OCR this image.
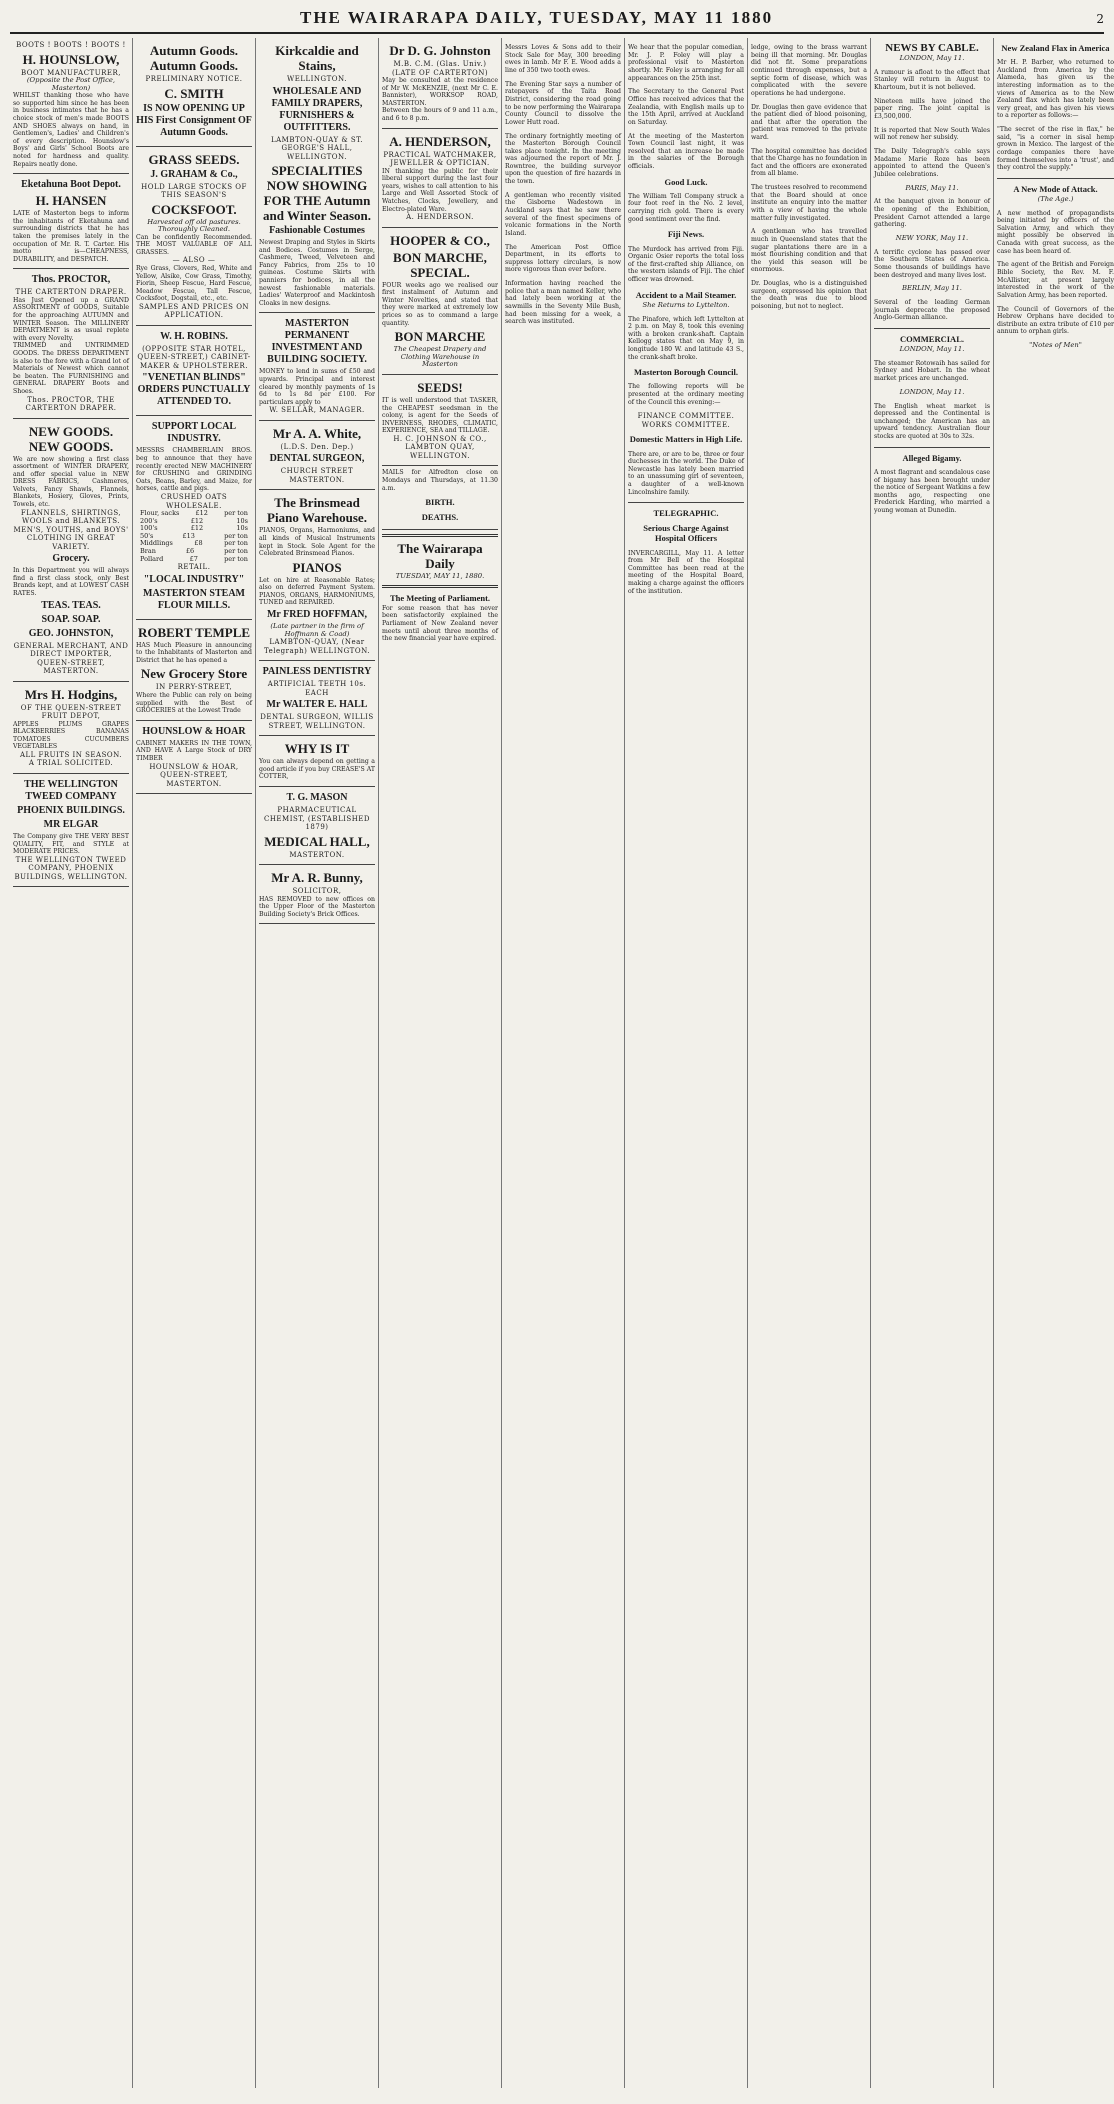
THE WAIRARAPA DAILY, TUESDAY, MAY 11 1880	2
BOOTS ! BOOTS ! BOOTS !
H. HOUNSLOW,
BOOT MANUFACTURER,
(Opposite the Post Office, Masterton)
WHILST thanking those who have so supported him since he has been in business intimates that he has a choice stock of men's made BOOTS AND SHOES always on hand, in Gentlemen's, Ladies' and Children's of every description. Hounslow's Boys' and Girls' School Boots are noted for hardness and quality. Repairs neatly done.
Eketahuna Boot Depot.
H. HANSEN
LATE of Masterton begs to inform the inhabitants of Eketahuna and surrounding districts that he has taken the premises lately in the occupation of Mr. R. T. Carter. His motto is—CHEAPNESS, DURABILITY, and DESPATCH.
Thos. PROCTOR,
THE CARTERTON DRAPER.
Has Just Opened up a GRAND ASSORTMENT of GOODS, Suitable for the approaching AUTUMN and WINTER Season. The MILLINERY DEPARTMENT is as usual replete with every Novelty.
TRIMMED and UNTRIMMED GOODS. The DRESS DEPARTMENT is also to the fore with a Grand lot of Materials of Newest which cannot be beaten. The FURNISHING and GENERAL DRAPERY Boots and Shoes.
Thos. PROCTOR, THE CARTERTON DRAPER.
NEW GOODS. NEW GOODS.
We are now showing a first class assortment of WINTER DRAPERY, and offer special value in NEW DRESS FABRICS, Cashmeres, Velvets, Fancy Shawls, Flannels, Blankets, Hosiery, Gloves, Prints, Towels, etc.
FLANNELS, SHIRTINGS, WOOLS and BLANKETS.
MEN'S, YOUTHS, and BOYS' CLOTHING IN GREAT VARIETY.
Grocery.
In this Department you will always find a first class stock, only Best Brands kept, and at LOWEST CASH RATES.
TEAS. TEAS.
SOAP. SOAP.
GEO. JOHNSTON,
GENERAL MERCHANT, AND DIRECT IMPORTER, QUEEN-STREET, MASTERTON.
Mrs H. Hodgins,
OF THE QUEEN-STREET FRUIT DEPOT,
APPLES PLUMS GRAPES BLACKBERRIES BANANAS TOMATOES CUCUMBERS VEGETABLES
ALL FRUITS IN SEASON.
A TRIAL SOLICITED.
THE WELLINGTON TWEED COMPANY
PHOENIX BUILDINGS.
MR ELGAR
The Company give THE VERY BEST QUALITY, FIT, and STYLE at MODERATE PRICES.
THE WELLINGTON TWEED COMPANY, PHOENIX BUILDINGS, WELLINGTON.
Autumn Goods. Autumn Goods.
PRELIMINARY NOTICE.
C. SMITH
IS NOW OPENING UP HIS First Consignment OF Autumn Goods.
GRASS SEEDS.
J. GRAHAM & Co.,
HOLD LARGE STOCKS OF THIS SEASON'S
COCKSFOOT.
Harvested off old pastures. Thoroughly Cleaned.
Can be confidently Recommended. THE MOST VALUABLE OF ALL GRASSES.
— ALSO —
Rye Grass, Clovers, Red, White and Yellow, Alsike, Cow Grass, Timothy, Fiorin, Sheep Fescue, Hard Fescue, Meadow Fescue, Tall Fescue, Cocksfoot, Dogstail, etc., etc.
SAMPLES AND PRICES ON APPLICATION.
W. H. ROBINS.
(OPPOSITE STAR HOTEL, QUEEN-STREET,) CABINET-MAKER & UPHOLSTERER.
"VENETIAN BLINDS" ORDERS PUNCTUALLY ATTENDED TO.
SUPPORT LOCAL INDUSTRY.
MESSRS CHAMBERLAIN BROS. beg to announce that they have recently erected NEW MACHINERY for CRUSHING and GRINDING Oats, Beans, Barley, and Maize, for horses, cattle and pigs.
CRUSHED OATS
WHOLESALE.
Flour, sacks £12 per ton
200's	£12	10s
100's	£12	10s
50's	£13	per ton
Middlings	£8	per ton
Bran	£6	per ton
Pollard	£7	per ton
RETAIL.
"LOCAL INDUSTRY"
MASTERTON STEAM FLOUR MILLS.
ROBERT TEMPLE
HAS Much Pleasure in announcing to the Inhabitants of Masterton and District that he has opened a
New Grocery Store
IN PERRY-STREET,
Where the Public can rely on being supplied with the Best of GROCERIES at the Lowest Trade
HOUNSLOW & HOAR
CABINET MAKERS IN THE TOWN, AND HAVE A Large Stock of DRY TIMBER
HOUNSLOW & HOAR, QUEEN-STREET, MASTERTON.
Kirkcaldie and Stains,
WELLINGTON.
WHOLESALE AND FAMILY DRAPERS, FURNISHERS & OUTFITTERS.
LAMBTON-QUAY & ST. GEORGE'S HALL, WELLINGTON.
SPECIALITIES NOW SHOWING FOR THE Autumn and Winter Season.
Fashionable Costumes
Newest Draping and Styles in Skirts and Bodices. Costumes in Serge, Cashmere, Tweed, Velveteen and Fancy Fabrics, from 25s to 10 guineas. Costume Skirts with panniers for bodices, in all the newest fashionable materials. Ladies' Waterproof and Mackintosh Cloaks in new designs.
MASTERTON PERMANENT INVESTMENT AND BUILDING SOCIETY.
MONEY to lend in sums of £50 and upwards. Principal and interest cleared by monthly payments of 1s 6d to 1s 8d per £100. For particulars apply to
W. SELLAR, MANAGER.
Mr A. A. White,
(L.D.S. Den. Dep.)
DENTAL SURGEON,
CHURCH STREET MASTERTON.
The Brinsmead Piano Warehouse.
PIANOS, Organs, Harmoniums, and all kinds of Musical Instruments kept in Stock. Sole Agent for the Celebrated Brinsmead Pianos.
PIANOS
Let on hire at Reasonable Rates; also on deferred Payment System. PIANOS, ORGANS, HARMONIUMS, TUNED and REPAIRED.
Mr FRED HOFFMAN,
(Late partner in the firm of Hoffmann & Coad)
LAMBTON-QUAY, (Near Telegraph) WELLINGTON.
PAINLESS DENTISTRY
ARTIFICIAL TEETH 10s. EACH
Mr WALTER E. HALL
DENTAL SURGEON, WILLIS STREET, WELLINGTON.
WHY IS IT
You can always depend on getting a good article if you buy CREASE'S AT COTTER,
T. G. MASON
PHARMACEUTICAL CHEMIST, (ESTABLISHED 1879)
MEDICAL HALL,
MASTERTON.
Mr A. R. Bunny,
SOLICITOR,
HAS REMOVED to new offices on the Upper Floor of the Masterton Building Society's Brick Offices.
Dr D. G. Johnston
M.B. C.M. (Glas. Univ.)
(LATE OF CARTERTON)
May be consulted at the residence of Mr W. McKENZIE, (next Mr C. E. Bannister), WORKSOP ROAD, MASTERTON.
Between the hours of 9 and 11 a.m., and 6 to 8 p.m.
A. HENDERSON,
PRACTICAL WATCHMAKER, JEWELLER & OPTICIAN.
IN thanking the public for their liberal support during the last four years, wishes to call attention to his Large and Well Assorted Stock of Watches, Clocks, Jewellery, and Electro-plated Ware.
A. HENDERSON.
HOOPER & CO.,
BON MARCHE, SPECIAL.
FOUR weeks ago we realised our first instalment of Autumn and Winter Novelties, and stated that they were marked at extremely low prices so as to command a large quantity.
BON MARCHE
The Cheapest Drapery and Clothing Warehouse in Masterton
SEEDS!
IT is well understood that TASKER, the CHEAPEST seedsman in the colony, is agent for the Seeds of INVERNESS, RHODES, CLIMATIC, EXPERIENCE, SEA and TILLAGE.
H. C. JOHNSON & CO.,
LAMBTON QUAY, WELLINGTON.
MAILS for Alfredton close on Mondays and Thursdays, at 11.30 a.m.
BIRTH.
DEATHS.
The Wairarapa Daily
TUESDAY, MAY 11, 1880.
The Meeting of Parliament.
For some reason that has never been satisfactorily explained the Parliament of New Zealand never meets until about three months of the new financial year have expired.

Messrs Loves & Sons add to their Stock Sale for May, 300 breeding ewes in lamb. Mr F. E. Wood adds a line of 350 two tooth ewes.

The Evening Star says a number of ratepayers of the Taita Road District, considering the road going to be now performing the Wairarapa County Council to dissolve the Lower Hutt road.

The ordinary fortnightly meeting of the Masterton Borough Council takes place tonight. In the meeting was adjourned the report of Mr. J. Rowntree, the building surveyor upon the question of fire hazards in the town.

A gentleman who recently visited the Gisborne Wadestown in Auckland says that he saw there several of the finest specimens of volcanic formations in the North Island.

The American Post Office Department, in its efforts to suppress lottery circulars, is now more vigorous than ever before.

Information having reached the police that a man named Keller, who had lately been working at the sawmills in the Seventy Mile Bush, had been missing for a week, a search was instituted.

We hear that the popular comedian, Mr. J. P. Foley will play a professional visit to Masterton shortly. Mr. Foley is arranging for all appearances on the 25th inst.

The Secretary to the General Post Office has received advices that the Zealandia, with English mails up to the 15th April, arrived at Auckland on Saturday.

At the meeting of the Masterton Town Council last night, it was resolved that an increase be made in the salaries of the Borough officials.

Good Luck.

The William Tell Company struck a four foot reef in the No. 2 level, carrying rich gold. There is every good sentiment over the find.

Fiji News.

The Murdock has arrived from Fiji. Organic Osier reports the total loss of the first-crafted ship Alliance, on the western islands of Fiji. The chief officer was drowned.

Accident to a Mail Steamer.
She Returns to Lyttelton.

The Pinafore, which left Lyttelton at 2 p.m. on May 8, took this evening with a broken crank-shaft. Captain Kellogg states that on May 9, in longitude 180 W. and latitude 43 S., the crank-shaft broke.

Masterton Borough Council.

The following reports will be presented at the ordinary meeting of the Council this evening:—

FINANCE COMMITTEE.
WORKS COMMITTEE.
Domestic Matters in High Life.

There are, or are to be, three or four duchesses in the world. The Duke of Newcastle has lately been married to an unassuming girl of seventeen, a daughter of a well-known Lincolnshire family.

TELEGRAPHIC.
Serious Charge Against Hospital Officers

INVERCARGILL, May 11. A letter from Mr Bell of the Hospital Committee has been read at the meeting of the Hospital Board, making a charge against the officers of the institution.

ledge, owing to the brass warrant being ill that morning. Mr. Douglas did not fit. Some preparations continued through expenses, but a septic form of disease, which was complicated with the severe operations he had undergone.

Dr. Douglas then gave evidence that the patient died of blood poisoning, and that after the operation the patient was removed to the private ward.

The hospital committee has decided that the Charge has no foundation in fact and the officers are exonerated from all blame.

The trustees resolved to recommend that the Board should at once institute an enquiry into the matter with a view of having the whole matter fully investigated.

A gentleman who has travelled much in Queensland states that the sugar plantations there are in a most flourishing condition and that the yield this season will be enormous.

Dr. Douglas, who is a distinguished surgeon, expressed his opinion that the death was due to blood poisoning, but not to neglect.

NEWS BY CABLE.
LONDON, May 11.

A rumour is afloat to the effect that Stanley will return in August to Khartoum, but it is not believed.

Nineteen mills have joined the paper ring. The joint capital is £3,500,000.

It is reported that New South Wales will not renew her subsidy.

The Daily Telegraph's cable says Madame Marie Roze has been appointed to attend the Queen's Jubilee celebrations.

PARIS, May 11.

At the banquet given in honour of the opening of the Exhibition, President Carnot attended a large gathering.

NEW YORK, May 11.

A terrific cyclone has passed over the Southern States of America. Some thousands of buildings have been destroyed and many lives lost.

BERLIN, May 11.

Several of the leading German journals deprecate the proposed Anglo-German alliance.

COMMERCIAL.
LONDON, May 11.

The steamer Rotowaih has sailed for Sydney and Hobart. In the wheat market prices are unchanged.

LONDON, May 11.

The English wheat market is depressed and the Continental is unchanged; the American has an upward tendency. Australian flour stocks are quoted at 30s to 32s.

Alleged Bigamy.

A most flagrant and scandalous case of bigamy has been brought under the notice of Sergeant Watkins a few months ago, respecting one Frederick Harding, who married a young woman at Dunedin.

New Zealand Flax in America

Mr H. P. Barber, who returned to Auckland from America by the Alameda, has given us the interesting information as to the views of America as to the New Zealand flax which has lately been very great, and has given his views to a reporter as follows:—

"The secret of the rise in flax," he said, "is a corner in sisal hemp grown in Mexico. The largest of the cordage companies there have formed themselves into a 'trust', and they control the supply."

A New Mode of Attack.
(The Age.)

A new method of propagandists being initiated by officers of the Salvation Army, and which they might possibly be observed in Canada with great success, as the case has been heard of.

The agent of the British and Foreign Bible Society, the Rev. M. F. McAllister, at present largely interested in the work of the Salvation Army, has been reported.

The Council of Governors of the Hebrew Orphans have decided to distribute an extra tribute of £10 per annum to orphan girls.

"Notes of Men"
